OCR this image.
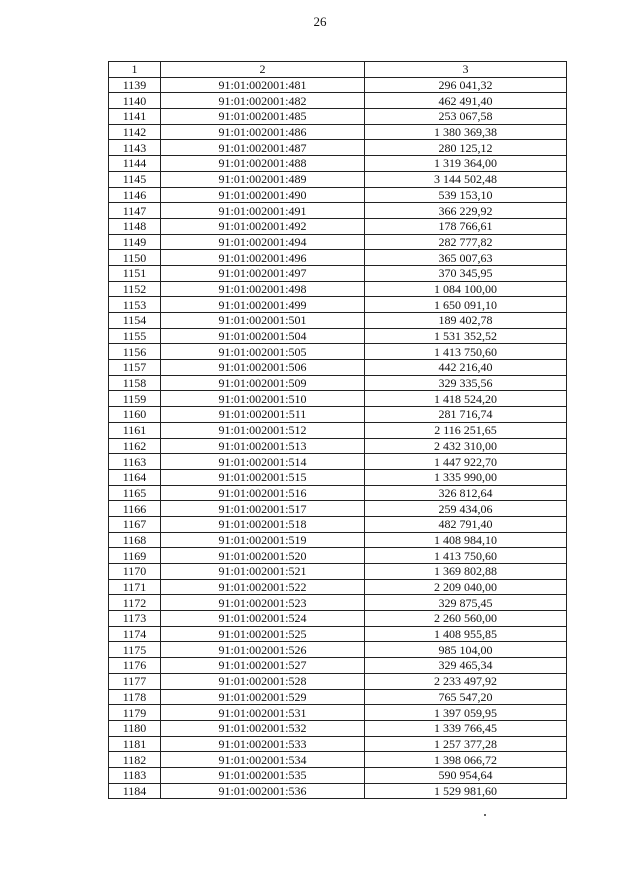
26
1	2	3
1139	91:01:002001:481	296 041,32
1140	91:01:002001:482	462 491,40
1141	91:01:002001:485	253 067,58
1142	91:01:002001:486	1 380 369,38
1143	91:01:002001:487	280 125,12
1144	91:01:002001:488	1 319 364,00
1145	91:01:002001:489	3 144 502,48
1146	91:01:002001:490	539 153,10
1147	91:01:002001:491	366 229,92
1148	91:01:002001:492	178 766,61
1149	91:01:002001:494	282 777,82
1150	91:01:002001:496	365 007,63
1151	91:01:002001:497	370 345,95
1152	91:01:002001:498	1 084 100,00
1153	91:01:002001:499	1 650 091,10
1154	91:01:002001:501	189 402,78
1155	91:01:002001:504	1 531 352,52
1156	91:01:002001:505	1 413 750,60
1157	91:01:002001:506	442 216,40
1158	91:01:002001:509	329 335,56
1159	91:01:002001:510	1 418 524,20
1160	91:01:002001:511	281 716,74
1161	91:01:002001:512	2 116 251,65
1162	91:01:002001:513	2 432 310,00
1163	91:01:002001:514	1 447 922,70
1164	91:01:002001:515	1 335 990,00
1165	91:01:002001:516	326 812,64
1166	91:01:002001:517	259 434,06
1167	91:01:002001:518	482 791,40
1168	91:01:002001:519	1 408 984,10
1169	91:01:002001:520	1 413 750,60
1170	91:01:002001:521	1 369 802,88
1171	91:01:002001:522	2 209 040,00
1172	91:01:002001:523	329 875,45
1173	91:01:002001:524	2 260 560,00
1174	91:01:002001:525	1 408 955,85
1175	91:01:002001:526	985 104,00
1176	91:01:002001:527	329 465,34
1177	91:01:002001:528	2 233 497,92
1178	91:01:002001:529	765 547,20
1179	91:01:002001:531	1 397 059,95
1180	91:01:002001:532	1 339 766,45
1181	91:01:002001:533	1 257 377,28
1182	91:01:002001:534	1 398 066,72
1183	91:01:002001:535	590 954,64
1184	91:01:002001:536	1 529 981,60
